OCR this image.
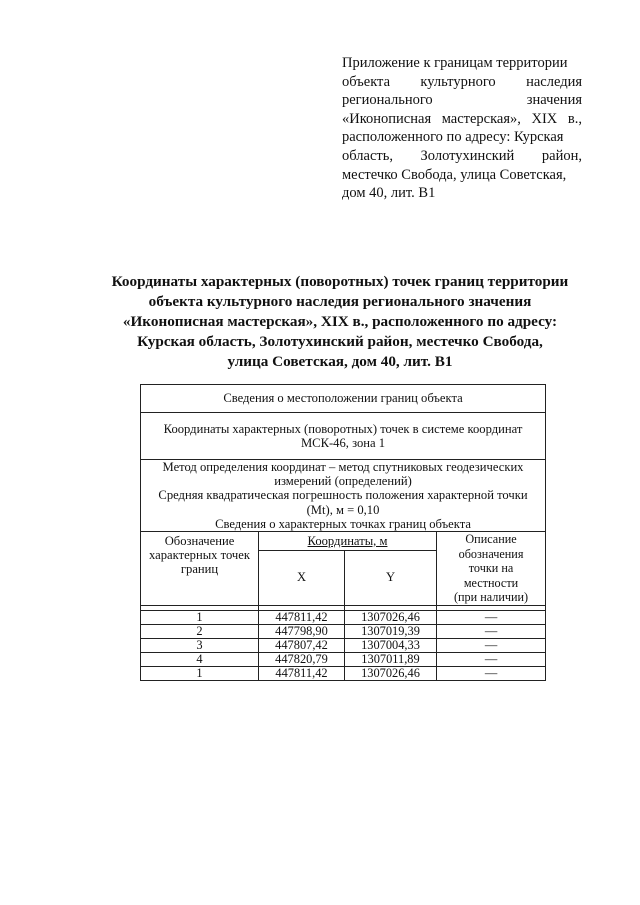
Приложение к границам территории
объекта культурного наследия
регионального	значения
«Иконописная мастерская», XIX в.,
расположенного по адресу: Курская
область, Золотухинский район,
местечко Свобода, улица Советская,
дом 40, лит. В1
Координаты характерных (поворотных) точек границ территории
объекта культурного наследия регионального значения
«Иконописная мастерская», XIX в., расположенного по адресу:
Курская область, Золотухинский район, местечко Свобода,
улица Советская, дом 40, лит. В1
Сведения о местоположении границ объекта			

Координаты характерных (поворотных) точек в системе координат
МСК-46, зона 1			

Метод определения координат – метод спутниковых геодезических
измерений (определений)
Средняя квадратическая погрешность положения характерной точки
(Mt), м = 0,10
Сведения о характерных точках границ объекта			

Обозначение характерных точек границ	Координаты, м		Описание
обозначения
точки на
местности
(при наличии)

	X	Y	

1	447811,42	1307026,46	—
2	447798,90	1307019,39	—
3	447807,42	1307004,33	—
4	447820,79	1307011,89	—
1	447811,42	1307026,46	—
